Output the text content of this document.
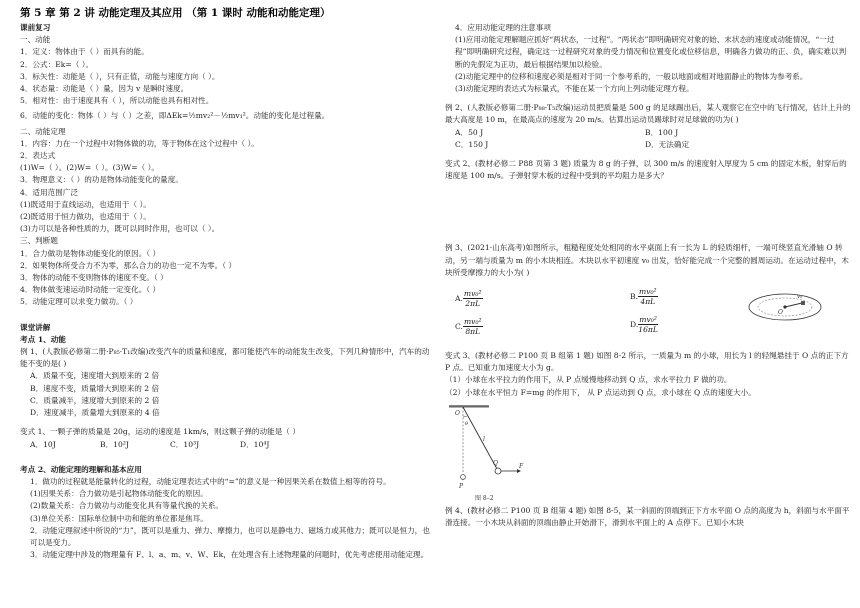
第 5 章 第 2 讲 动能定理及其应用 （第 1 课时 动能和动能定理）
课前复习
一、动能
1．定义：物体由于（ ）而具有的能。
2．公式：Ek=（ ）。
3．标矢性：动能是（ ），只有正值，动能与速度方向（ ）。
4．状态量：动能是（ ）量，因为 v 是瞬时速度。
5．相对性：由于速度具有（ ），所以动能也具有相对性。
6．动能的变化：物体（ ）与（ ）之差，即ΔEk=½mv₂²－½mv₁²。动能的变化是过程量。
二、动能定理
1．内容：力在一个过程中对物体做的功，等于物体在这个过程中（ ）。
2．表达式
(1)W=（ ）。(2)W=（ ）。(3)W=（ ）。
3．物理意义：（ ）的功是物体动能变化的量度。
4．适用范围广泛
(1)既适用于直线运动，也适用于（ ）。
(2)既适用于恒力做功，也适用于（ ）。
(3)力可以是各种性质的力，既可以同时作用，也可以（ ）。
三、判断题
1．合力做功是物体动能变化的原因。（ ）
2．如果物体所受合力不为零，那么合力的功也一定不为零。（ ）
3．物体的动能不变则物体的速度不变。（ ）
4．物体做变速运动时动能一定变化。（ ）
5．动能定理可以求变力做功。（ ）
课堂讲解
考点 1、动能
例 1、(人教版必修第二册·P₈₅·T₁改编)改变汽车的质量和速度，都可能使汽车的动能发生改变，下列几种情形中，汽车的动能不变的是( )
A．质量不变，速度增大到原来的 2 倍
B．速度不变，质量增大到原来的 2 倍
C．质量减半，速度增大到原来的 2 倍
D．速度减半，质量增大到原来的 4 倍
变式 1、一颗子弹的质量是 20g，运动的速度是 1km/s，则这颗子弹的动能是（ ）
A．10J	B．10²J	C．10³J	D．10⁴J
考点 2、动能定理的理解和基本应用
1．做功的过程就是能量转化的过程，动能定理表达式中的“=”的意义是一种因果关系在数值上相等的符号。
(1)因果关系：合力做功是引起物体动能变化的原因。
(2)数量关系：合力做功与动能变化具有等量代换的关系。
(3)单位关系：国际单位制中功和能的单位都是焦耳。
2．动能定理叙述中所说的“力”，既可以是重力、弹力、摩擦力，也可以是静电力、磁场力或其他力；既可以是恒力，也可以是变力。
3．动能定理中涉及的物理量有 F、l、a、m、v、W、Ek，在处理含有上述物理量的问题时，优先考虑使用动能定理。
4．应用动能定理的注意事项
(1)应用动能定理解题应抓好“两状态，一过程”。“两状态”即明确研究对象的始、末状态的速度或动能情况，“一过程”即明确研究过程，确定这一过程研究对象的受力情况和位置变化或位移信息，明确各力做功的正、负，确实难以判断的先假定为正功，最后根据结果加以检验。
(2)动能定理中的位移和速度必须是相对于同一个参考系的，一般以地面或相对地面静止的物体为参考系。
(3)动能定理的表达式为标量式，不能在某一个方向上列动能定理方程。
例 2、(人教版必修第二册·P₈₈·T₅改编)运动员把质量是 500 g 的足球踢出后，某人观察它在空中的飞行情况，估计上升的最大高度是 10 m，在最高点的速度为 20 m/s。估算出运动员踢球时对足球做的功为( )
A．50 J	B．100 J
C．150 J	D．无法确定
变式 2、(教材必修二 P88 页第 3 题) 质量为 8 g 的子弹，以 300 m/s 的速度射入厚度为 5 cm 的固定木板，射穿后的速度是 100 m/s。子弹射穿木板的过程中受到的平均阻力是多大？
例 3、(2021·山东高考)如图所示，粗糙程度处处相同的水平桌面上有一长为 L 的轻质细杆，一端可绕竖直光滑轴 O 转动，另一端与质量为 m 的小木块相连。木块以水平初速度 v₀ 出发，恰好能完成一个完整的圆周运动。在运动过程中，木块所受摩擦力的大小为( )
A. $\frac{\text{mv₀²}}{2\pi L}$	B. $\frac{\text{mv₀²}}{4\pi L}$
C. $\frac{\text{mv₀²}}{8\pi L}$	D. $\frac{\text{mv₀²}}{16\pi L}$
O
v₀
变式 3、(教材必修二 P100 页 B 组第 1 题) 如图 8-2 所示，一质量为 m 的小球，用长为 l 的轻绳悬挂于 O 点的正下方 P 点。已知重力加速度大小为 g。
（1）小球在水平拉力的作用下，从 P 点缓慢地移动到 Q 点，求水平拉力 F 做的功。
（2）小球在水平恒力 F=mg 的作用下， 从 P 点运动到 Q 点，求小球在 Q 点的速度大小。
O
θ
l
Q	F
P
图 8–2
例 4、(教材必修二 P100 页 B 组第 4 题) 如图 8-5，某一斜面的顶端到正下方水平面 O 点的高度为 h，斜面与水平面平滑连接。一小木块从斜面的顶端由静止开始滑下，滑到水平面上的 A 点停下。已知小木块
